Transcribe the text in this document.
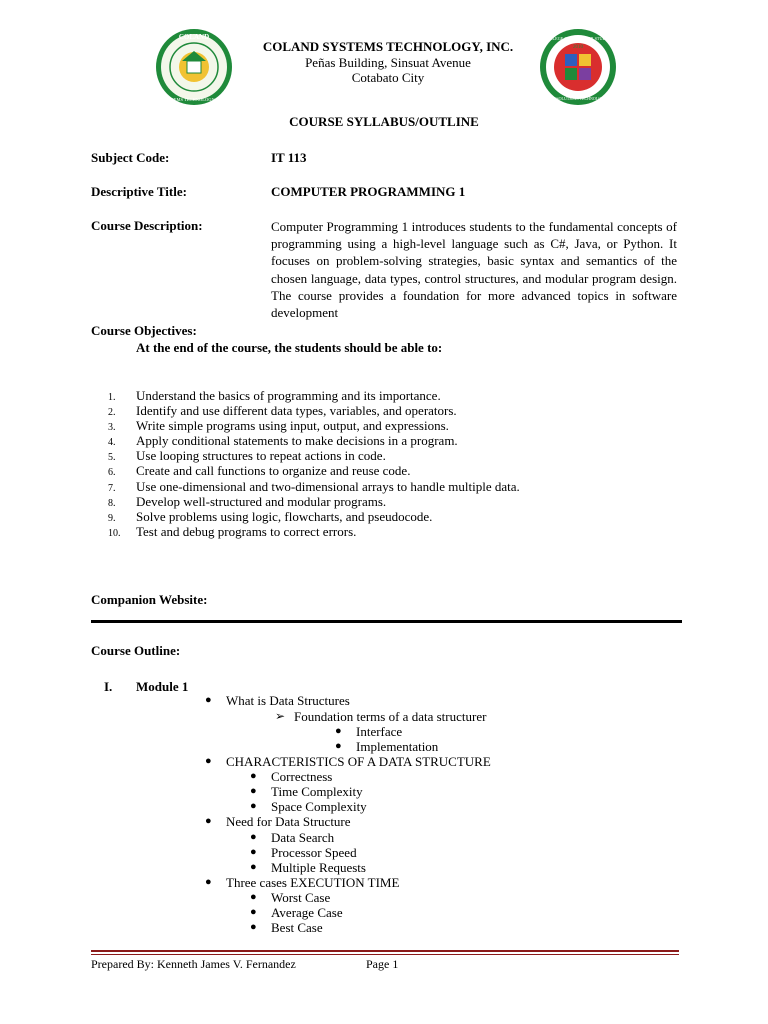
COLAND
SYSTEMS TECHNOLOGY, INC.
COLAND SYSTEMS TECHNOLOGY, INC.
Peñas Building, Sinsuat Avenue
Cotabato City
COLLEGE OF COMPUTER STUDIES
2010
ICT SOLUTIONS TECHNOLOGY
COURSE SYLLABUS/OUTLINE
Subject Code:	IT 113
Descriptive Title:	COMPUTER PROGRAMMING 1
Course Description:	Computer Programming 1 introduces students to the fundamental concepts of programming using a high-level language such as C#, Java, or Python. It focuses on problem-solving strategies, basic syntax and semantics of the chosen language, data types, control structures, and modular program design. The course provides a foundation for more advanced topics in software development
Course Objectives:
At the end of the course, the students should be able to:
1. Understand the basics of programming and its importance.
2. Identify and use different data types, variables, and operators.
3. Write simple programs using input, output, and expressions.
4. Apply conditional statements to make decisions in a program.
5. Use looping structures to repeat actions in code.
6. Create and call functions to organize and reuse code.
7. Use one-dimensional and two-dimensional arrays to handle multiple data.
8. Develop well-structured and modular programs.
9. Solve problems using logic, flowcharts, and pseudocode.
10. Test and debug programs to correct errors.
Companion Website:
Course Outline:
I. Module 1
● What is Data Structures
➢ Foundation terms of a data structurer
● Interface
● Implementation
● CHARACTERISTICS OF A DATA STRUCTURE
● Correctness
● Time Complexity
● Space Complexity
● Need for Data Structure
● Data Search
● Processor Speed
● Multiple Requests
● Three cases EXECUTION TIME
● Worst Case
● Average Case
● Best Case
Prepared By: Kenneth James V. Fernandez	Page 1
